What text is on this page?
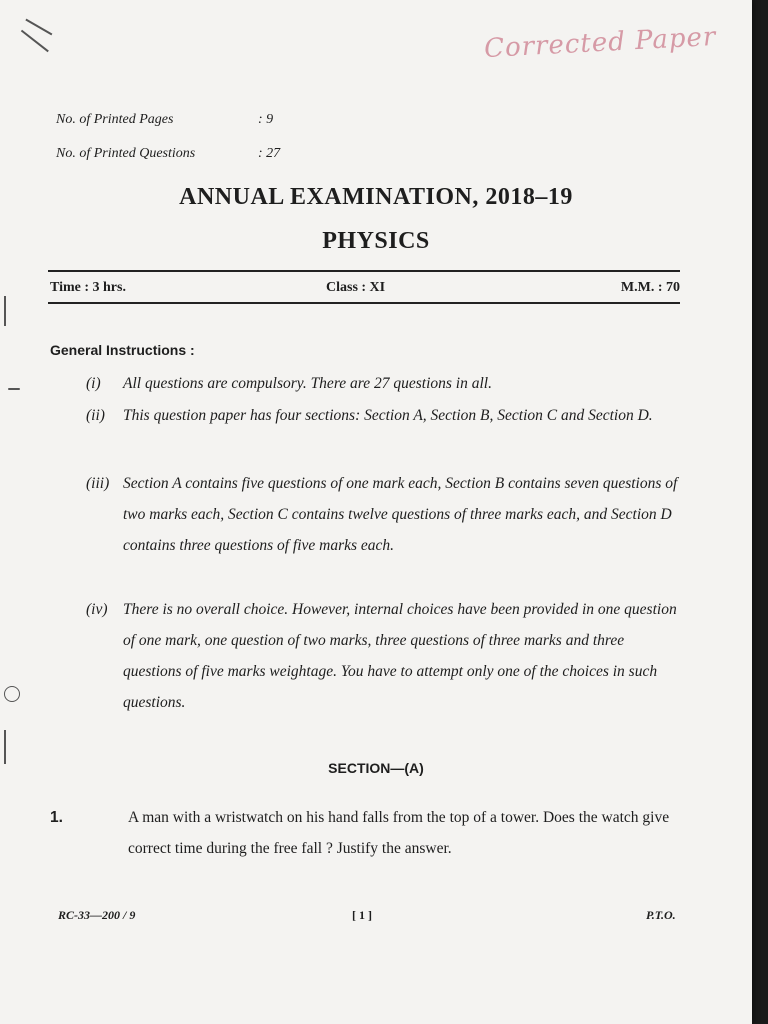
Corrected Paper
No. of Printed Pages	: 9
No. of Printed Questions	: 27
ANNUAL EXAMINATION, 2018–19
PHYSICS
Time : 3 hrs.	Class : XI	M.M. : 70
General Instructions :
(i) All questions are compulsory. There are 27 questions in all.
(ii) This question paper has four sections: Section A, Section B, Section C and Section D.
(iii) Section A contains five questions of one mark each, Section B contains seven questions of two marks each, Section C contains twelve questions of three marks each, and Section D contains three questions of five marks each.
(iv) There is no overall choice. However, internal choices have been provided in one question of one mark, one question of two marks, three questions of three marks and three questions of five marks weightage. You have to attempt only one of the choices in such questions.
SECTION—(A)
1.	A man with a wristwatch on his hand falls from the top of a tower. Does the watch give correct time during the free fall ? Justify the answer.
RC-33—200 / 9	[ 1 ]	P.T.O.
